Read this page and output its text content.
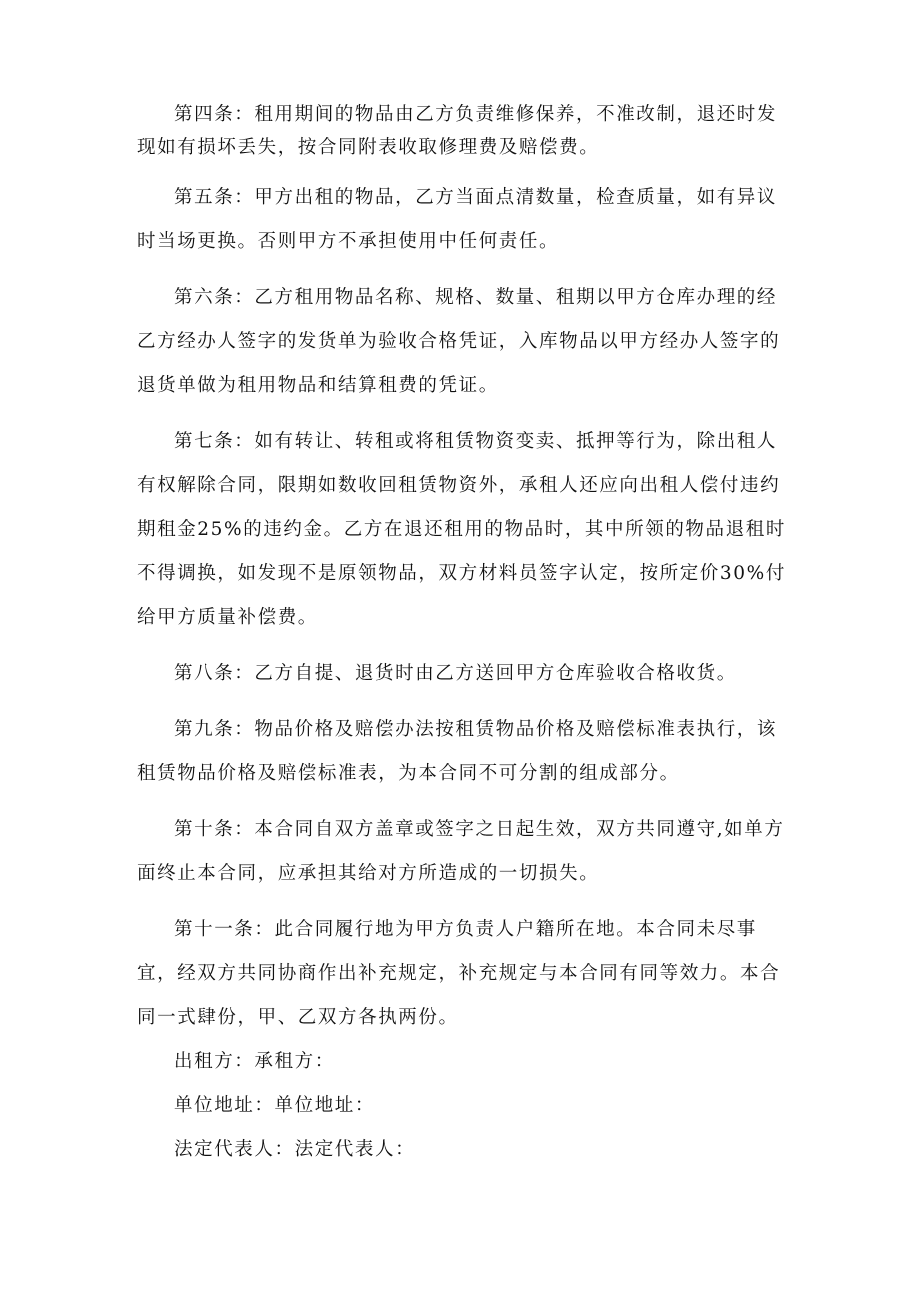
第四条：租用期间的物品由乙方负责维修保养，不准改制，退还时发现如有损坏丢失，按合同附表收取修理费及赔偿费。

第五条：甲方出租的物品，乙方当面点清数量，检查质量，如有异议时当场更换。否则甲方不承担使用中任何责任。

第六条：乙方租用物品名称、规格、数量、租期以甲方仓库办理的经乙方经办人签字的发货单为验收合格凭证，入库物品以甲方经办人签字的退货单做为租用物品和结算租费的凭证。

第七条：如有转让、转租或将租赁物资变卖、抵押等行为，除出租人有权解除合同，限期如数收回租赁物资外，承租人还应向出租人偿付违约期租金25%的违约金。乙方在退还租用的物品时，其中所领的物品退租时不得调换，如发现不是原领物品，双方材料员签字认定，按所定价30%付给甲方质量补偿费。

第八条：乙方自提、退货时由乙方送回甲方仓库验收合格收货。

第九条：物品价格及赔偿办法按租赁物品价格及赔偿标准表执行，该租赁物品价格及赔偿标准表，为本合同不可分割的组成部分。

第十条：本合同自双方盖章或签字之日起生效，双方共同遵守,如单方面终止本合同，应承担其给对方所造成的一切损失。

第十一条：此合同履行地为甲方负责人户籍所在地。本合同未尽事宜，经双方共同协商作出补充规定，补充规定与本合同有同等效力。本合同一式肆份，甲、乙双方各执两份。

出租方：承租方：

单位地址：单位地址：

法定代表人：法定代表人：
